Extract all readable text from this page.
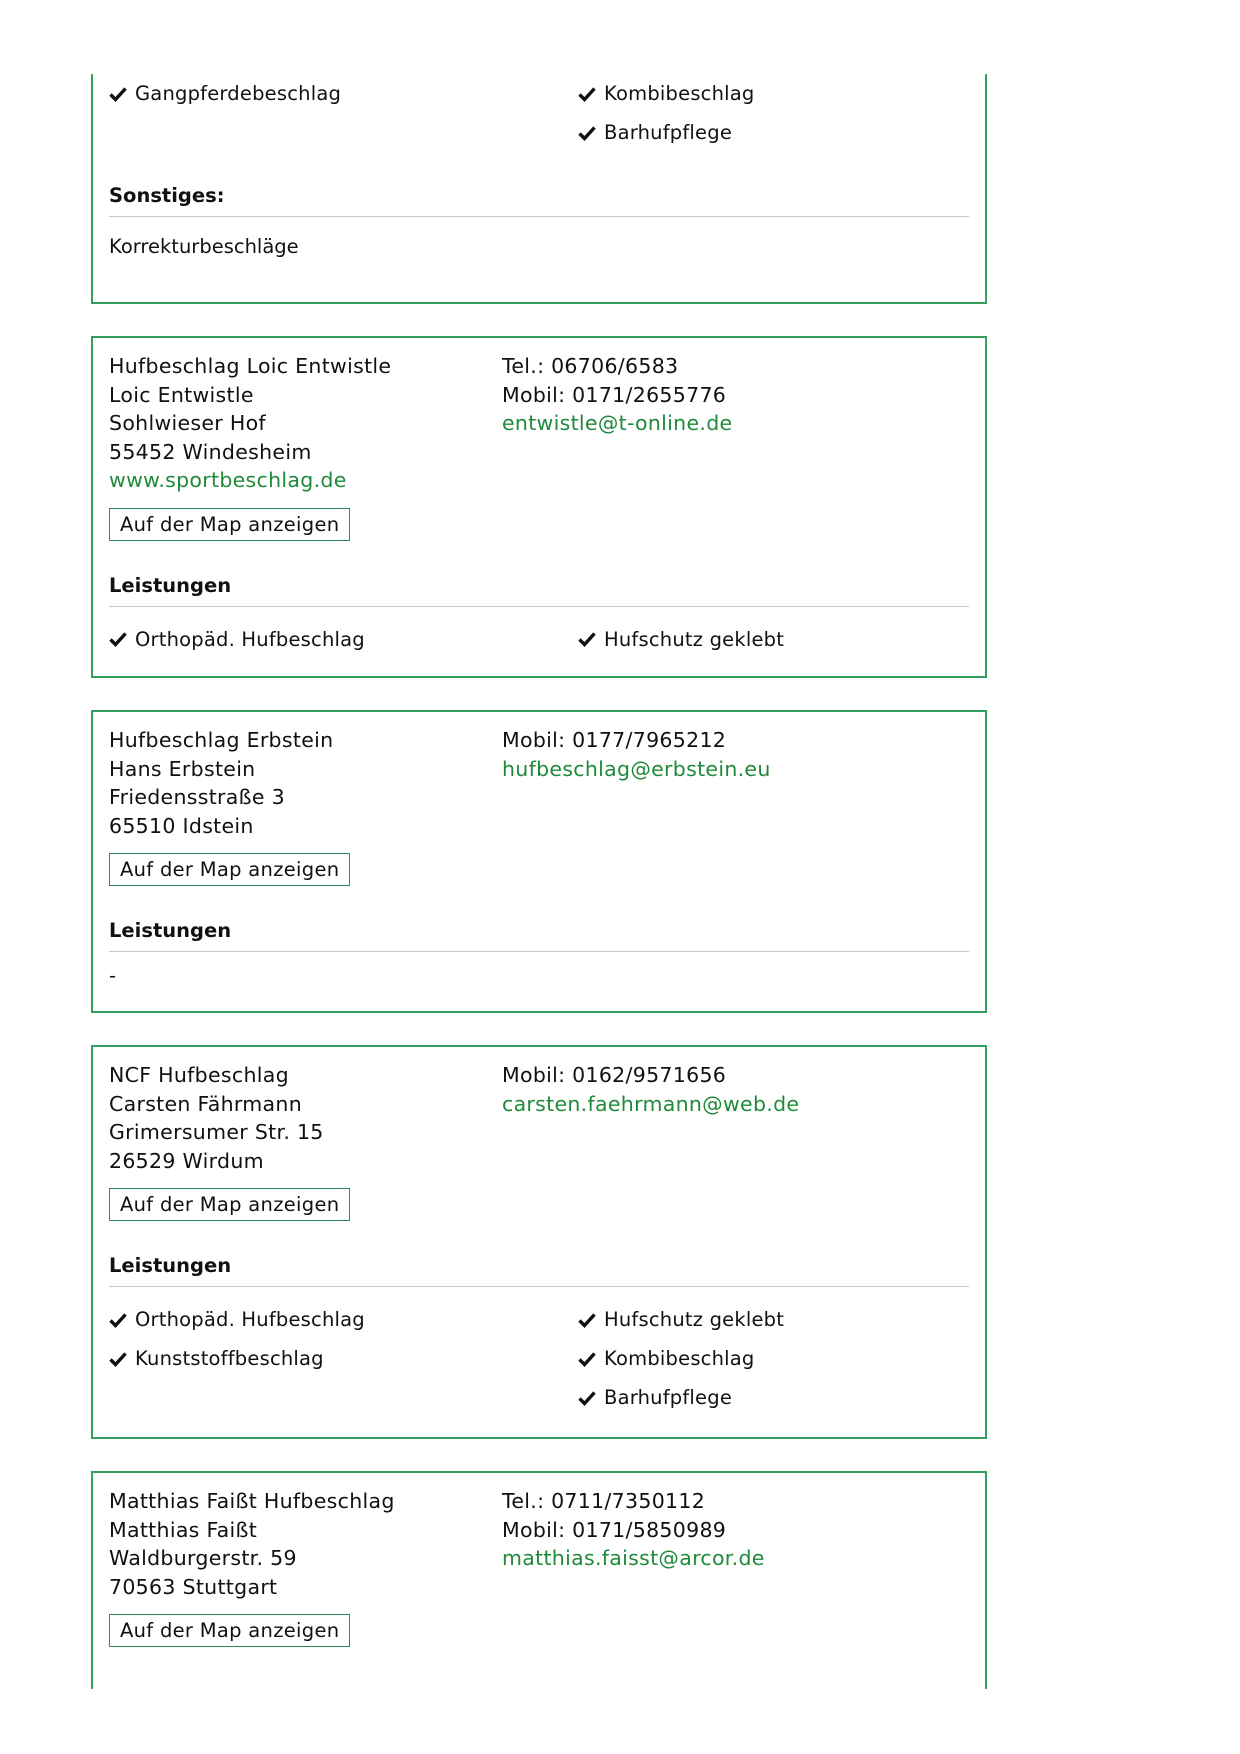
Gangpferdebeschlag	Kombibeschlag
Barhufpflege
Sonstiges:
Korrekturbeschläge
Hufbeschlag Loic Entwistle
Loic Entwistle
Sohlwieser Hof
55452 Windesheim
www.sportbeschlag.de
Tel.: 06706/6583
Mobil: 0171/2655776
entwistle@t-online.de
Auf der Map anzeigen
Leistungen
Orthopäd. Hufbeschlag	Hufschutz geklebt
Hufbeschlag Erbstein
Hans Erbstein
Friedensstraße 3
65510 Idstein
Mobil: 0177/7965212
hufbeschlag@erbstein.eu
Auf der Map anzeigen
Leistungen
-
NCF Hufbeschlag
Carsten Fährmann
Grimersumer Str. 15
26529 Wirdum
Mobil: 0162/9571656
carsten.faehrmann@web.de
Auf der Map anzeigen
Leistungen
Orthopäd. Hufbeschlag
Kunststoffbeschlag
Hufschutz geklebt
Kombibeschlag
Barhufpflege
Matthias Faißt Hufbeschlag
Matthias Faißt
Waldburgerstr. 59
70563 Stuttgart
Tel.: 0711/7350112
Mobil: 0171/5850989
matthias.faisst@arcor.de
Auf der Map anzeigen
